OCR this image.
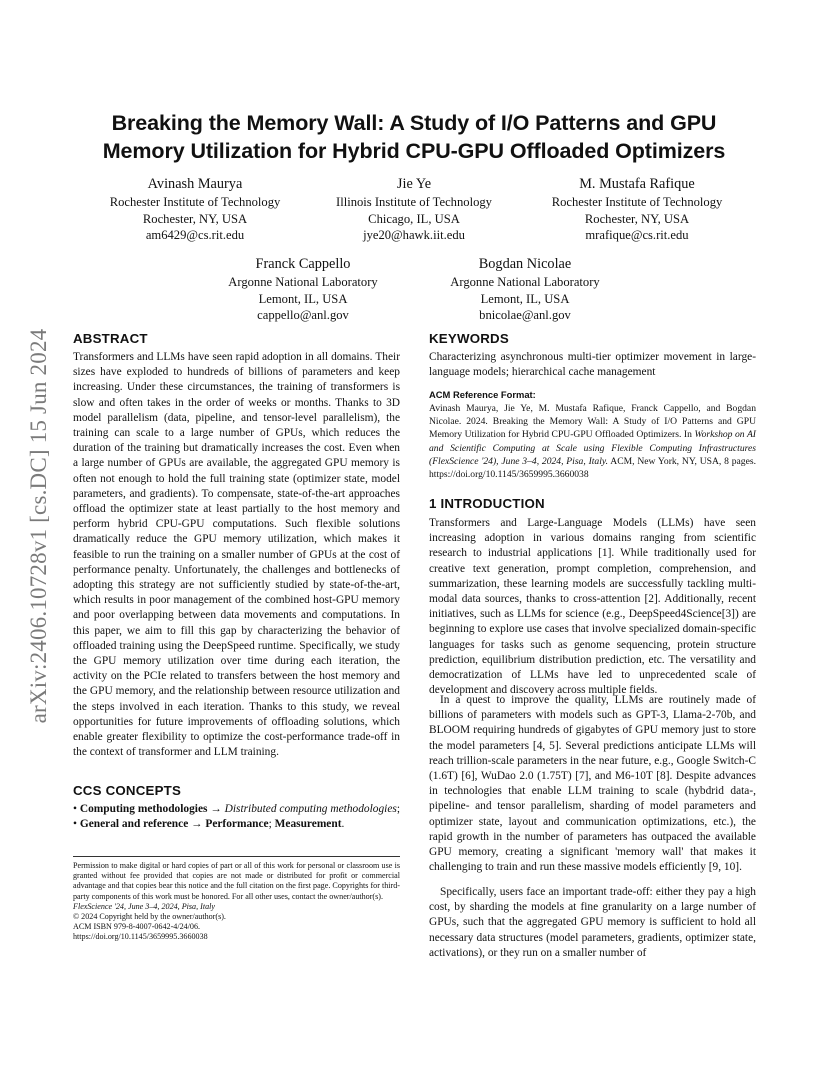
arXiv:2406.10728v1 [cs.DC] 15 Jun 2024
Breaking the Memory Wall: A Study of I/O Patterns and GPU
Memory Utilization for Hybrid CPU-GPU Offloaded Optimizers
Avinash Maurya
Rochester Institute of Technology
Rochester, NY, USA
am6429@cs.rit.edu
Jie Ye
Illinois Institute of Technology
Chicago, IL, USA
jye20@hawk.iit.edu
M. Mustafa Rafique
Rochester Institute of Technology
Rochester, NY, USA
mrafique@cs.rit.edu
Franck Cappello
Argonne National Laboratory
Lemont, IL, USA
cappello@anl.gov
Bogdan Nicolae
Argonne National Laboratory
Lemont, IL, USA
bnicolae@anl.gov
ABSTRACT

Transformers and LLMs have seen rapid adoption in all domains. Their sizes have exploded to hundreds of billions of parameters and keep increasing. Under these circumstances, the training of transformers is slow and often takes in the order of weeks or months. Thanks to 3D model parallelism (data, pipeline, and tensor-level parallelism), the training can scale to a large number of GPUs, which reduces the duration of the training but dramatically increases the cost. Even when a large number of GPUs are available, the aggregated GPU memory is often not enough to hold the full training state (optimizer state, model parameters, and gradients). To compensate, state-of-the-art approaches offload the optimizer state at least partially to the host memory and perform hybrid CPU-GPU computations. Such flexible solutions dramatically reduce the GPU memory utilization, which makes it feasible to run the training on a smaller number of GPUs at the cost of performance penalty. Unfortunately, the challenges and bottlenecks of adopting this strategy are not sufficiently studied by state-of-the-art, which results in poor management of the combined host-GPU memory and poor overlapping between data movements and computations. In this paper, we aim to fill this gap by characterizing the behavior of offloaded training using the DeepSpeed runtime. Specifically, we study the GPU memory utilization over time during each iteration, the activity on the PCIe related to transfers between the host memory and the GPU memory, and the relationship between resource utilization and the steps involved in each iteration. Thanks to this study, we reveal opportunities for future improvements of offloading solutions, which enable greater flexibility to optimize the cost-performance trade-off in the context of transformer and LLM training.

CCS CONCEPTS

• Computing methodologies → Distributed computing methodologies; • General and reference → Performance; Measurement.

Permission to make digital or hard copies of part or all of this work for personal or classroom use is granted without fee provided that copies are not made or distributed for profit or commercial advantage and that copies bear this notice and the full citation on the first page. Copyrights for third-party components of this work must be honored. For all other uses, contact the owner/author(s).
FlexScience '24, June 3–4, 2024, Pisa, Italy
© 2024 Copyright held by the owner/author(s).
ACM ISBN 979-8-4007-0642-4/24/06.
https://doi.org/10.1145/3659995.3660038
KEYWORDS

Characterizing asynchronous multi-tier optimizer movement in large-language models; hierarchical cache management

ACM Reference Format:

Avinash Maurya, Jie Ye, M. Mustafa Rafique, Franck Cappello, and Bogdan Nicolae. 2024. Breaking the Memory Wall: A Study of I/O Patterns and GPU Memory Utilization for Hybrid CPU-GPU Offloaded Optimizers. In Workshop on AI and Scientific Computing at Scale using Flexible Computing Infrastructures (FlexScience '24), June 3–4, 2024, Pisa, Italy. ACM, New York, NY, USA, 8 pages. https://doi.org/10.1145/3659995.3660038

1 INTRODUCTION

Transformers and Large-Language Models (LLMs) have seen increasing adoption in various domains ranging from scientific research to industrial applications [1]. While traditionally used for creative text generation, prompt completion, comprehension, and summarization, these learning models are successfully tackling multi-modal data sources, thanks to cross-attention [2]. Additionally, recent initiatives, such as LLMs for science (e.g., DeepSpeed4Science[3]) are beginning to explore use cases that involve specialized domain-specific languages for tasks such as genome sequencing, protein structure prediction, equilibrium distribution prediction, etc. The versatility and democratization of LLMs have led to unprecedented scale of development and discovery across multiple fields.

In a quest to improve the quality, LLMs are routinely made of billions of parameters with models such as GPT-3, Llama-2-70b, and BLOOM requiring hundreds of gigabytes of GPU memory just to store the model parameters [4, 5]. Several predictions anticipate LLMs will reach trillion-scale parameters in the near future, e.g., Google Switch-C (1.6T) [6], WuDao 2.0 (1.75T) [7], and M6-10T [8]. Despite advances in technologies that enable LLM training to scale (hybdrid data-, pipeline- and tensor parallelism, sharding of model parameters and optimizer state, layout and communication optimizations, etc.), the rapid growth in the number of parameters has outpaced the available GPU memory, creating a significant 'memory wall' that makes it challenging to train and run these massive models efficiently [9, 10].

Specifically, users face an important trade-off: either they pay a high cost, by sharding the models at fine granularity on a large number of GPUs, such that the aggregated GPU memory is sufficient to hold all necessary data structures (model parameters, gradients, optimizer state, activations), or they run on a smaller number of
